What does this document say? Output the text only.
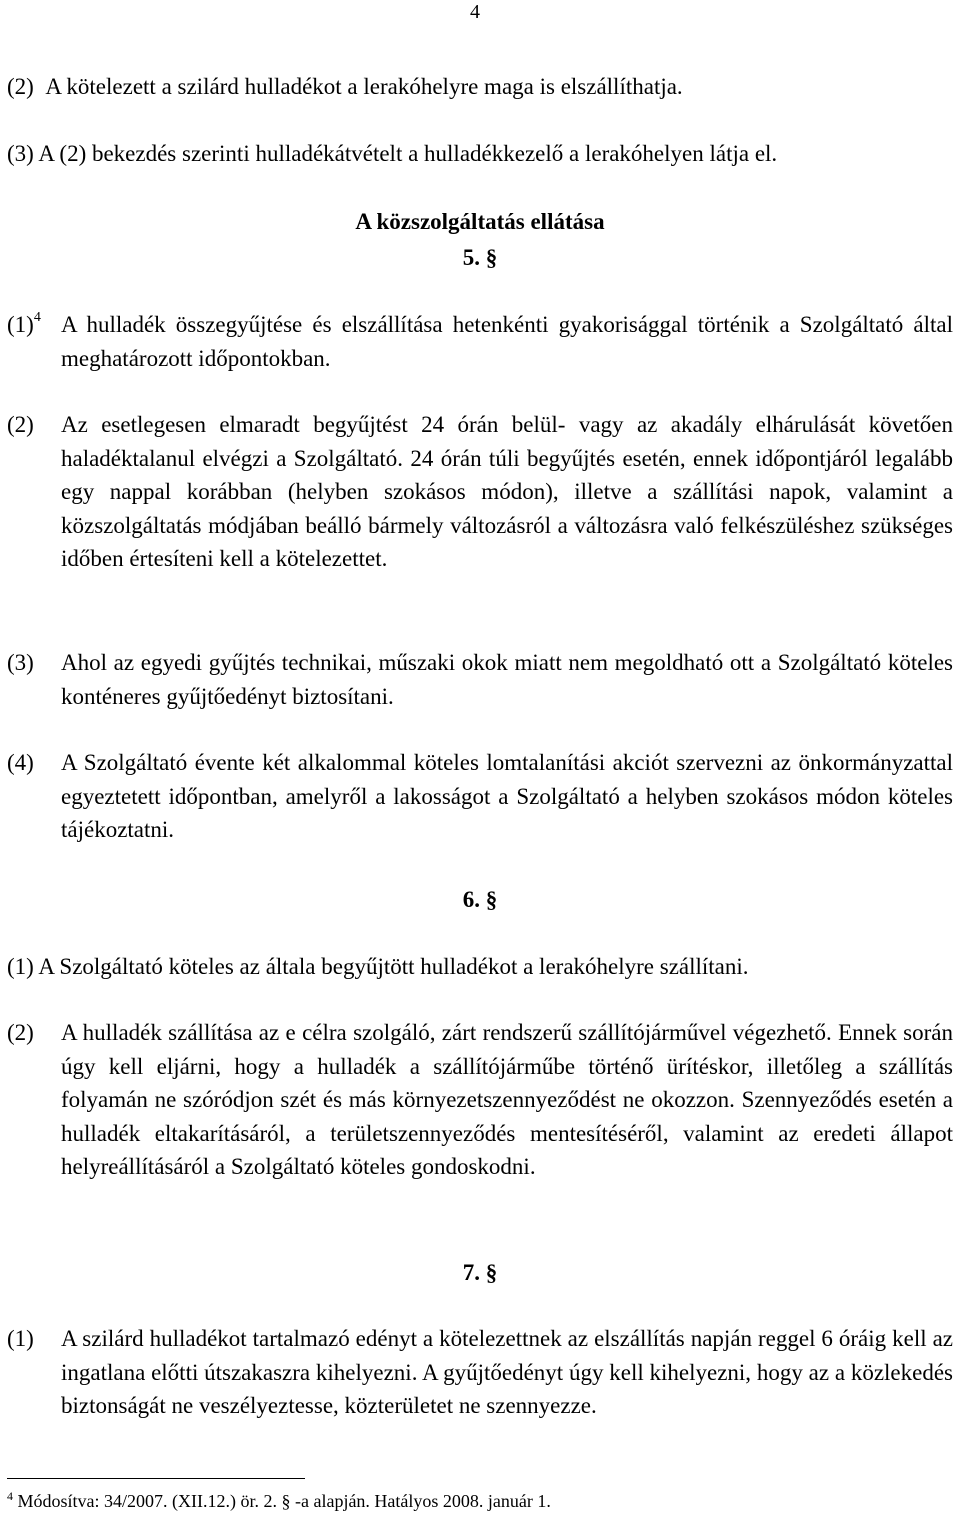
4
(2) A kötelezett a szilárd hulladékot a lerakóhelyre maga is elszállíthatja.
(3) A (2) bekezdés szerinti hulladékátvételt a hulladékkezelő a lerakóhelyen látja el.
A közszolgáltatás ellátása
5. §
(1)$^4$ A hulladék összegyűjtése és elszállítása hetenkénti gyakorisággal történik a Szolgáltató által meghatározott időpontokban.
(2) Az esetlegesen elmaradt begyűjtést 24 órán belül- vagy az akadály elhárulását követően haladéktalanul elvégzi a Szolgáltató. 24 órán túli begyűjtés esetén, ennek időpontjáról legalább egy nappal korábban (helyben szokásos módon), illetve a szállítási napok, valamint a közszolgáltatás módjában beálló bármely változásról a változásra való felkészüléshez szükséges időben értesíteni kell a kötelezettet.
(3) Ahol az egyedi gyűjtés technikai, műszaki okok miatt nem megoldható ott a Szolgáltató köteles konténeres gyűjtőedényt biztosítani.
(4) A Szolgáltató évente két alkalommal köteles lomtalanítási akciót szervezni az önkormányzattal egyeztetett időpontban, amelyről a lakosságot a Szolgáltató a helyben szokásos módon köteles tájékoztatni.
6. §
(1) A Szolgáltató köteles az általa begyűjtött hulladékot a lerakóhelyre szállítani.
(2) A hulladék szállítása az e célra szolgáló, zárt rendszerű szállítójárművel végezhető. Ennek során úgy kell eljárni, hogy a hulladék a szállítójárműbe történő ürítéskor, illetőleg a szállítás folyamán ne szóródjon szét és más környezetszennyeződést ne okozzon. Szennyeződés esetén a hulladék eltakarításáról, a területszennyeződés mentesítéséről, valamint az eredeti állapot helyreállításáról a Szolgáltató köteles gondoskodni.
7. §
(1) A szilárd hulladékot tartalmazó edényt a kötelezettnek az elszállítás napján reggel 6 óráig kell az ingatlana előtti útszakaszra kihelyezni. A gyűjtőedényt úgy kell kihelyezni, hogy az a közlekedés biztonságát ne veszélyeztesse, közterületet ne szennyezze.
$^4$ Módosítva: 34/2007. (XII.12.) ör. 2. § -a alapján. Hatályos 2008. január 1.
